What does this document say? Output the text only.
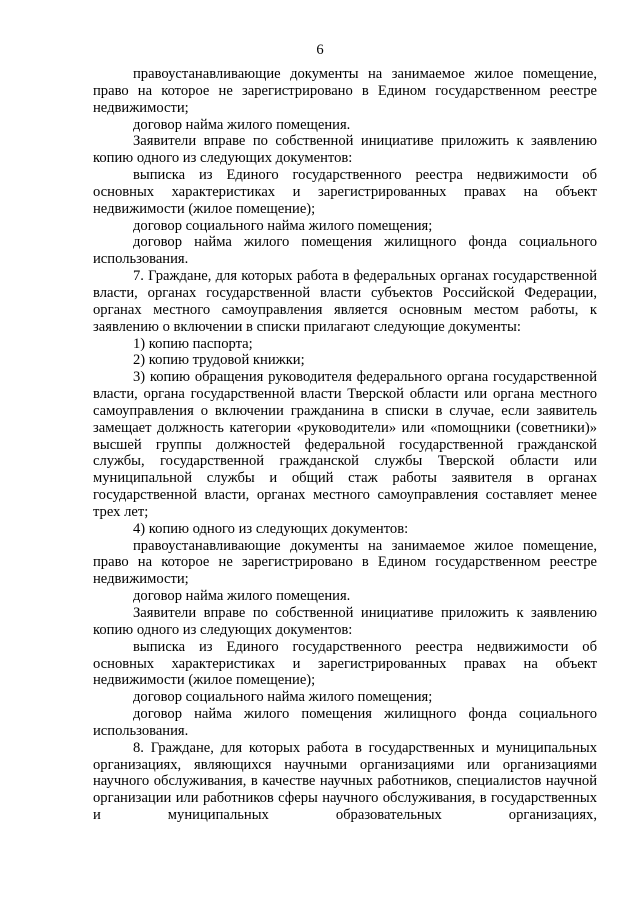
6

правоустанавливающие документы на занимаемое жилое помещение, право на которое не зарегистрировано в Едином государственном реестре недвижимости;

договор найма жилого помещения.

Заявители вправе по собственной инициативе приложить к заявлению копию одного из следующих документов:

выписка из Единого государственного реестра недвижимости об основных характеристиках и зарегистрированных правах на объект недвижимости (жилое помещение);

договор социального найма жилого помещения;

договор найма жилого помещения жилищного фонда социального использования.

7. Граждане, для которых работа в федеральных органах государственной власти, органах государственной власти субъектов Российской Федерации, органах местного самоуправления является основным местом работы, к заявлению о включении в списки прилагают следующие документы:

1) копию паспорта;

2) копию трудовой книжки;

3) копию обращения руководителя федерального органа государственной власти, органа государственной власти Тверской области или органа местного самоуправления о включении гражданина в списки в случае, если заявитель замещает должность категории «руководители» или «помощники (советники)» высшей группы должностей федеральной государственной гражданской службы, государственной гражданской службы Тверской области или муниципальной службы и общий стаж работы заявителя в органах государственной власти, органах местного самоуправления составляет менее трех лет;

4) копию одного из следующих документов:

правоустанавливающие документы на занимаемое жилое помещение, право на которое не зарегистрировано в Едином государственном реестре недвижимости;

договор найма жилого помещения.

Заявители вправе по собственной инициативе приложить к заявлению копию одного из следующих документов:

выписка из Единого государственного реестра недвижимости об основных характеристиках и зарегистрированных правах на объект недвижимости (жилое помещение);

договор социального найма жилого помещения;

договор найма жилого помещения жилищного фонда социального использования.

8. Граждане, для которых работа в государственных и муниципальных организациях, являющихся научными организациями или организациями научного обслуживания, в качестве научных работников, специалистов научной организации или работников сферы научного обслуживания, в государственных и муниципальных образовательных организациях,
